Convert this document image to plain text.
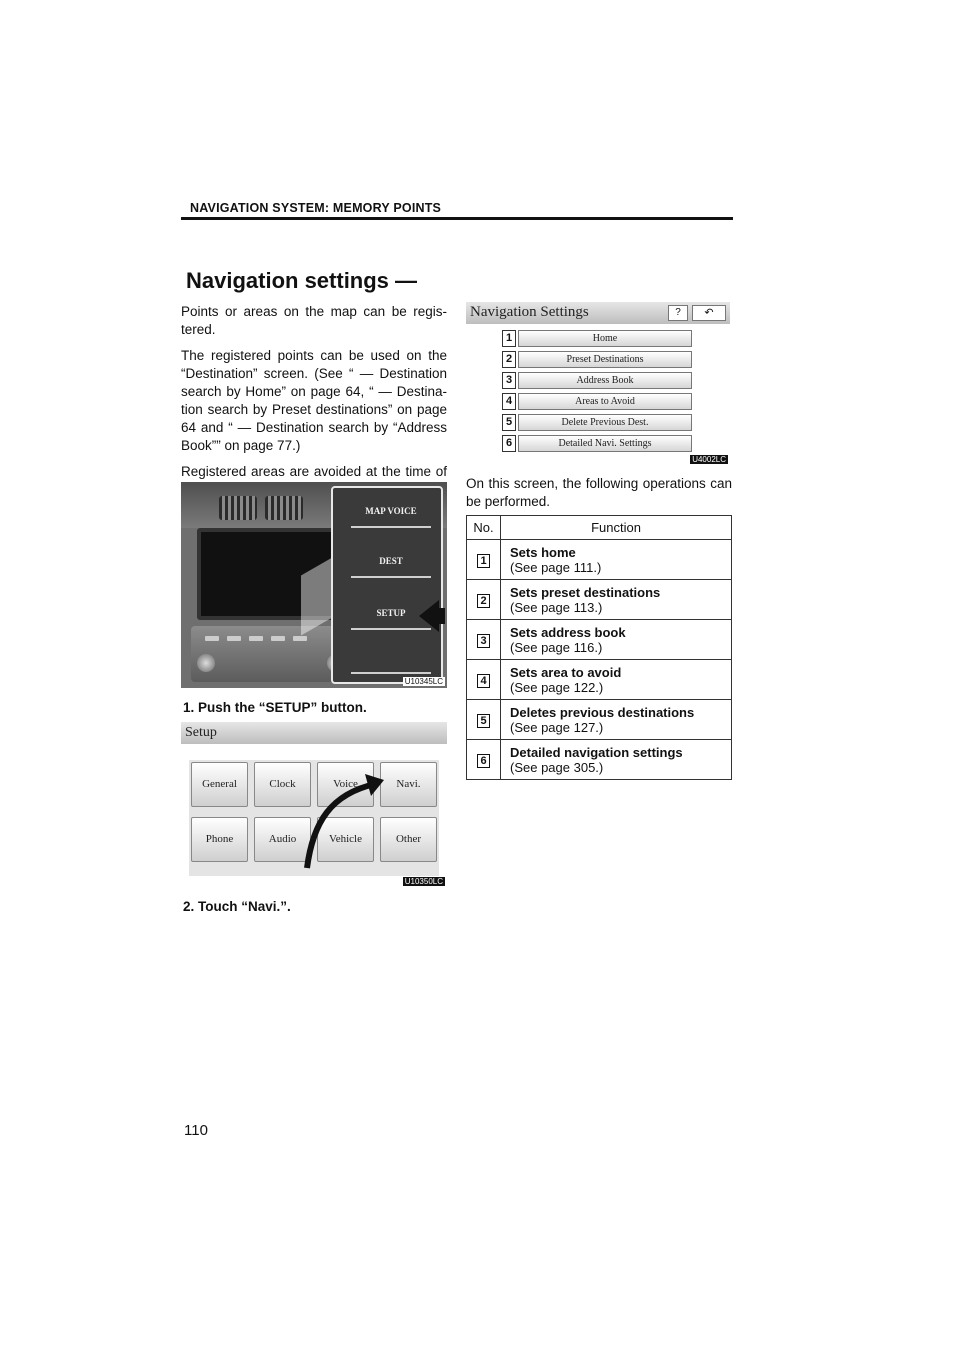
NAVIGATION SYSTEM: MEMORY POINTS
Navigation settings —

Points or areas on the map can be regis-tered.

The registered points can be used on the “Destination” screen. (See “ — Destination search by Home” on page 64, “ — Destina-tion search by Preset destinations” on page 64 and “ — Destination search by “Address Book”” on page 77.)

Registered areas are avoided at the time of

MAP VOICE
DEST
SETUP
U10345LC
1. Push the “SETUP” button.
Setup
General	Clock	Voice	Navi.
Phone	Audio	Vehicle	Other
U10350LC
2. Touch “Navi.”.
Navigation Settings	?	↶
1	Home
2	Preset Destinations
3	Address Book
4	Areas to Avoid
5	Delete Previous Dest.
6	Detailed Navi. Settings
U4002LC
On this screen, the following operations can be performed.
No.	Function
1	Sets home
(See page 111.)

2	Sets preset destinations
(See page 113.)

3	Sets address book
(See page 116.)

4	Sets area to avoid
(See page 122.)

5	Deletes previous destinations
(See page 127.)

6	Detailed navigation settings
(See page 305.)
110
